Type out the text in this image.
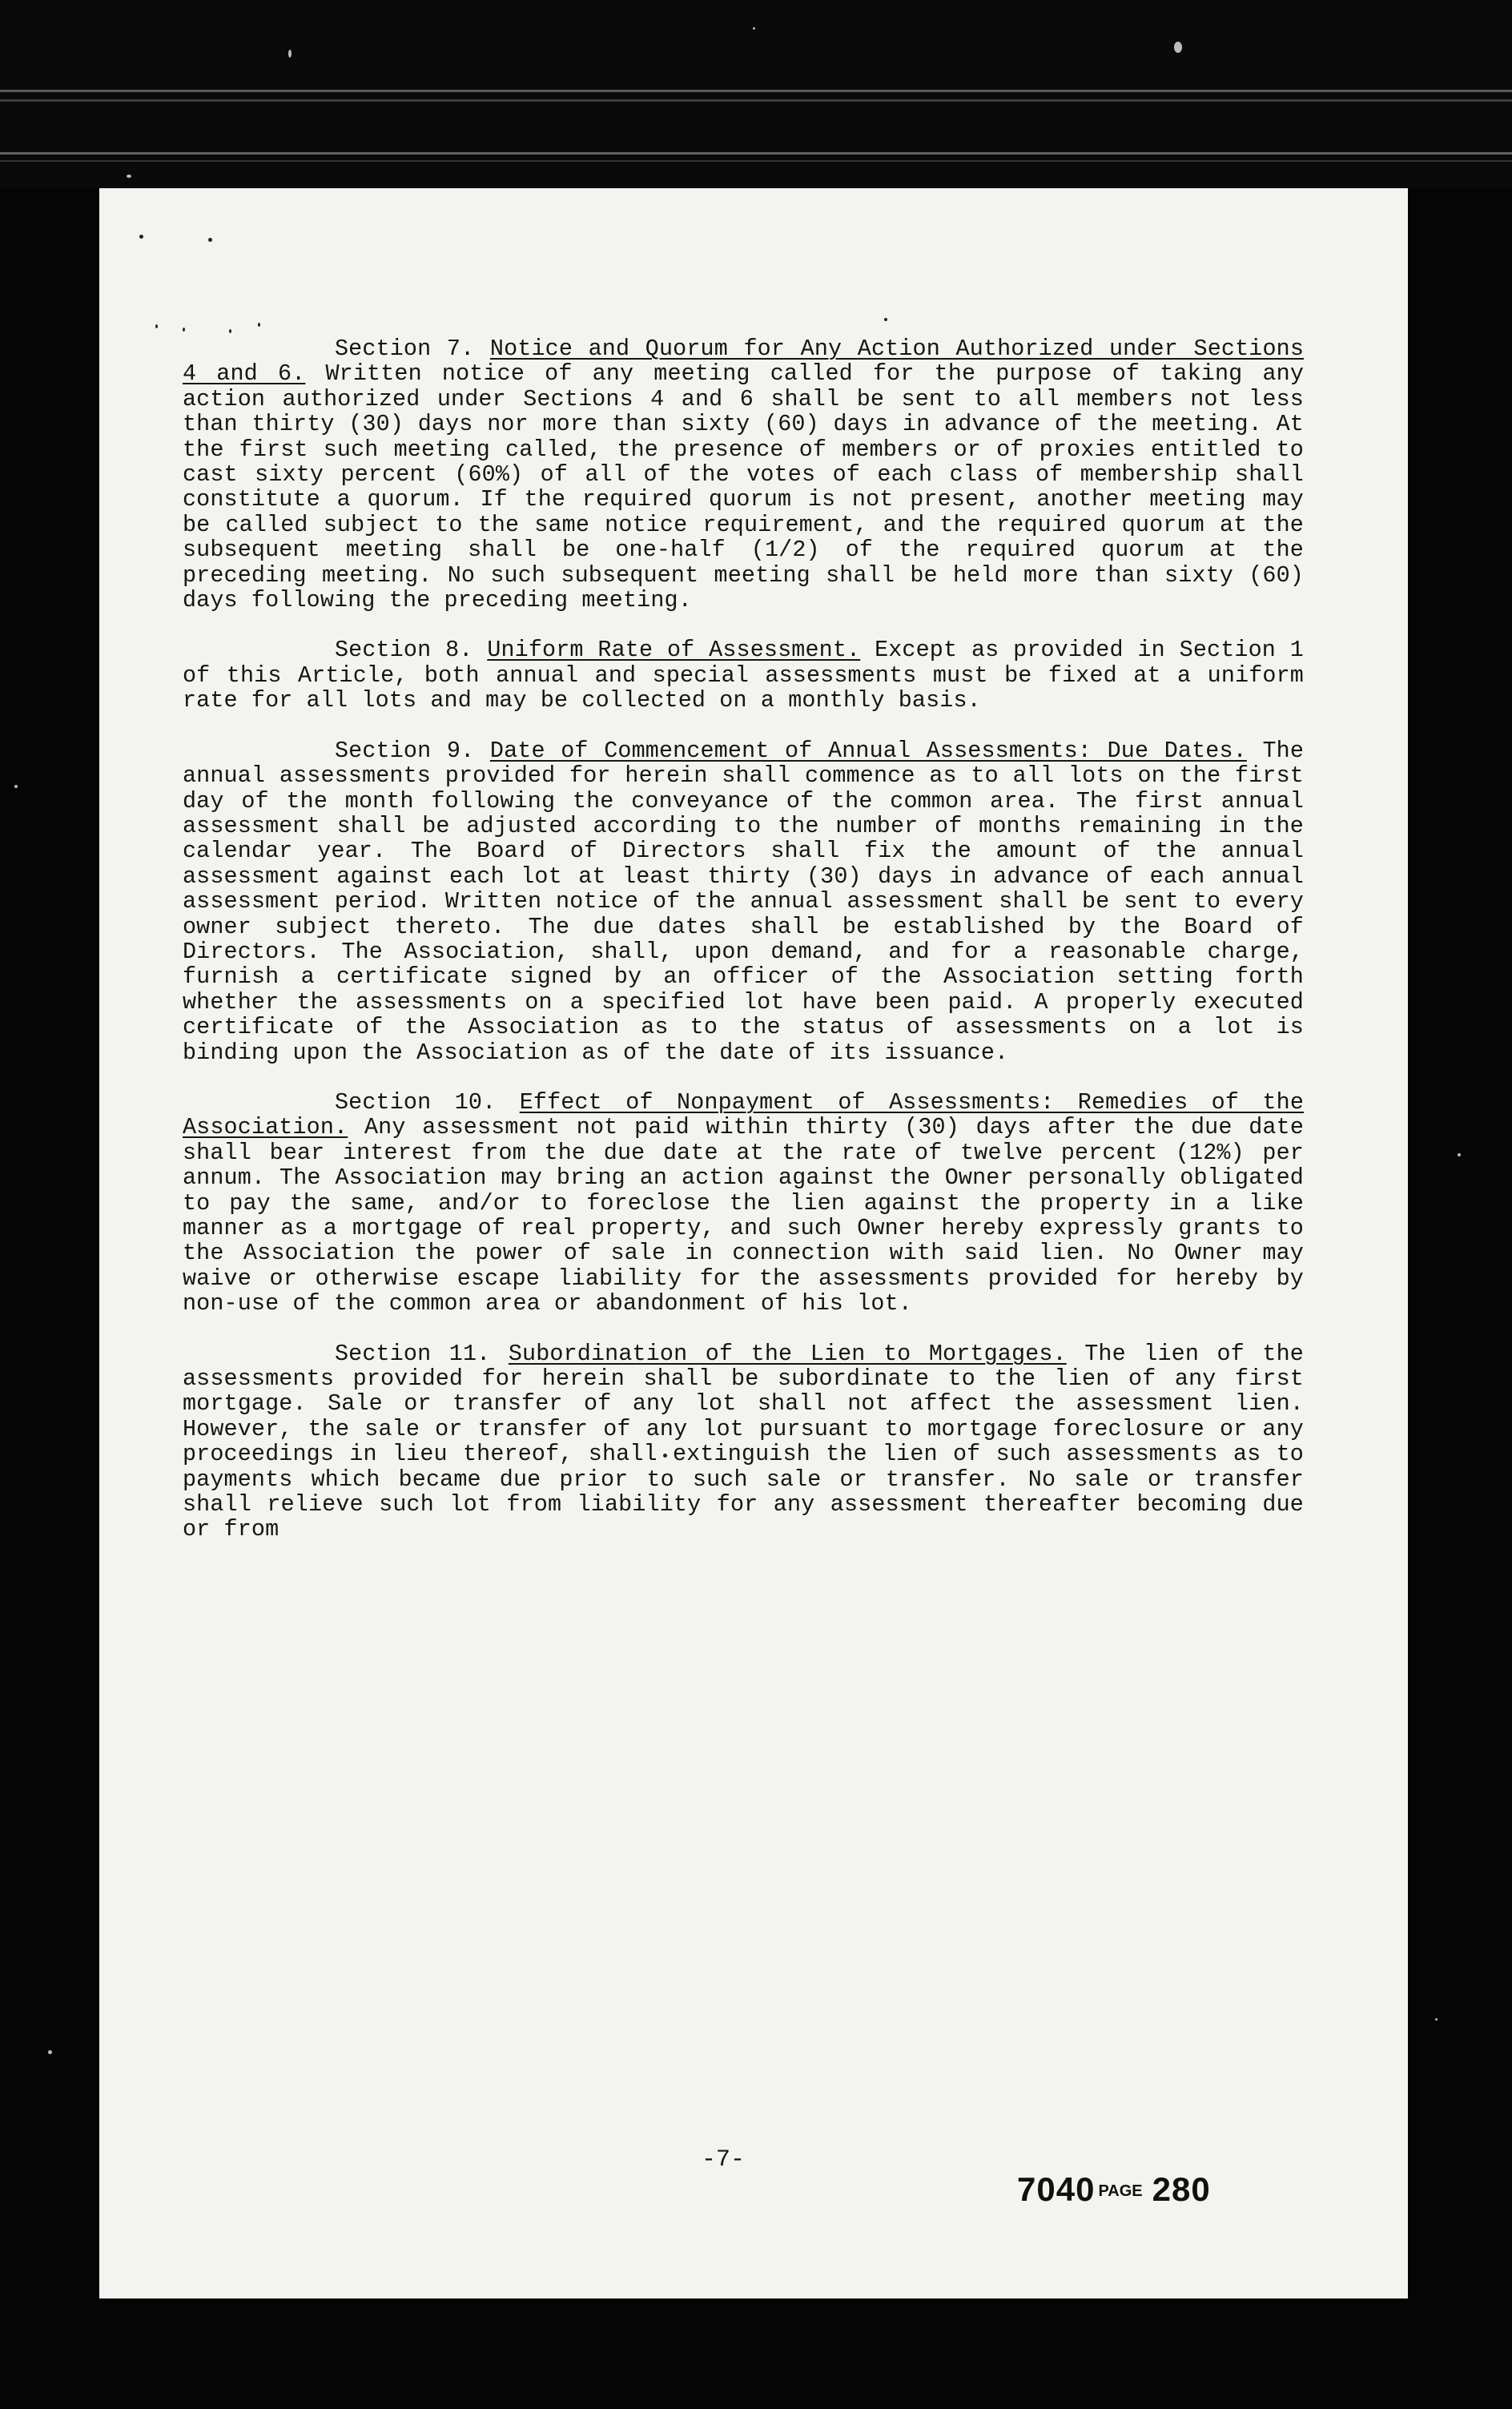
Section 7. Notice and Quorum for Any Action Authorized under Sections 4 and 6. Written notice of any meeting called for the purpose of taking any action authorized under Sections 4 and 6 shall be sent to all members not less than thirty (30) days nor more than sixty (60) days in advance of the meeting. At the first such meeting called, the presence of members or of proxies entitled to cast sixty percent (60%) of all of the votes of each class of membership shall constitute a quorum. If the required quorum is not present, another meeting may be called subject to the same notice requirement, and the required quorum at the subsequent meeting shall be one-half (1/2) of the required quorum at the preceding meeting. No such subsequent meeting shall be held more than sixty (60) days following the preceding meeting.

Section 8. Uniform Rate of Assessment. Except as provided in Section 1 of this Article, both annual and special assessments must be fixed at a uniform rate for all lots and may be collected on a monthly basis.

Section 9. Date of Commencement of Annual Assessments: Due Dates. The annual assessments provided for herein shall commence as to all lots on the first day of the month following the conveyance of the common area. The first annual assessment shall be adjusted according to the number of months remaining in the calendar year. The Board of Directors shall fix the amount of the annual assessment against each lot at least thirty (30) days in advance of each annual assessment period. Written notice of the annual assessment shall be sent to every owner subject thereto. The due dates shall be established by the Board of Directors. The Association, shall, upon demand, and for a reasonable charge, furnish a certificate signed by an officer of the Association setting forth whether the assessments on a specified lot have been paid. A properly executed certificate of the Association as to the status of assessments on a lot is binding upon the Association as of the date of its issuance.

Section 10. Effect of Nonpayment of Assessments: Remedies of the Association. Any assessment not paid within thirty (30) days after the due date shall bear interest from the due date at the rate of twelve percent (12%) per annum. The Association may bring an action against the Owner personally obligated to pay the same, and/or to foreclose the lien against the property in a like manner as a mortgage of real property, and such Owner hereby expressly grants to the Association the power of sale in connection with said lien. No Owner may waive or otherwise escape liability for the assessments provided for hereby by non-use of the common area or abandonment of his lot.

Section 11. Subordination of the Lien to Mortgages. The lien of the assessments provided for herein shall be subordinate to the lien of any first mortgage. Sale or transfer of any lot shall not affect the assessment lien. However, the sale or transfer of any lot pursuant to mortgage foreclosure or any proceedings in lieu thereof, shall extinguish the lien of such assessments as to payments which became due prior to such sale or transfer. No sale or transfer shall relieve such lot from liability for any assessment thereafter becoming due or from

-7-
7040 PAGE 280
